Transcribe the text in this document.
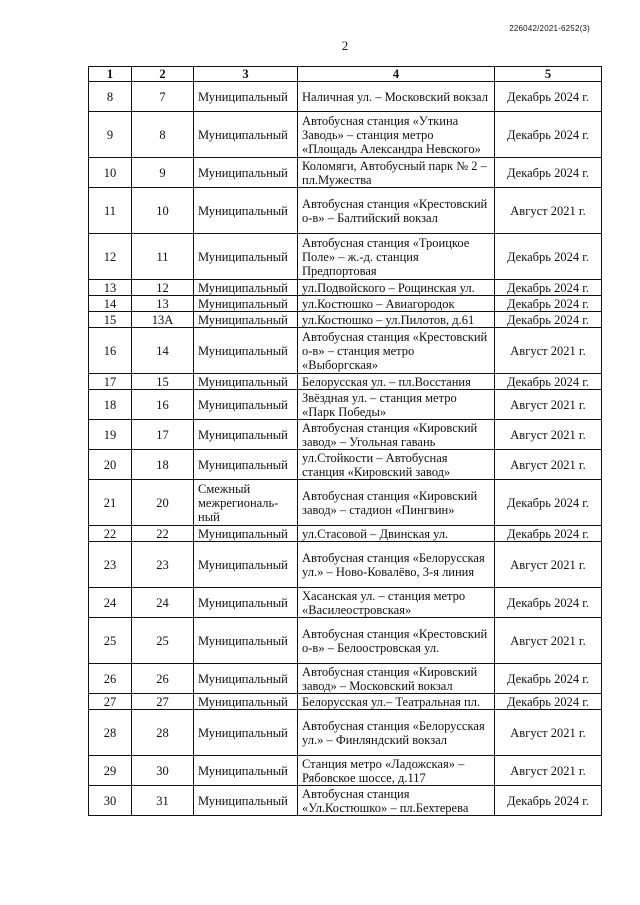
226042/2021-6252(3)
2
1	2	3	4	5
8	7	Муниципальный	Наличная ул. – Московский вокзал	Декабрь 2024 г.
9	8	Муниципальный	Автобусная станция «Уткина Заводь» – станция метро «Площадь Александра Невского»	Декабрь 2024 г.
10	9	Муниципальный	Коломяги, Автобусный парк № 2 – пл.Мужества	Декабрь 2024 г.
11	10	Муниципальный	Автобусная станция «Крестовский о-в» – Балтийский вокзал	Август 2021 г.
12	11	Муниципальный	Автобусная станция «Троицкое Поле» – ж.-д. станция Предпортовая	Декабрь 2024 г.
13	12	Муниципальный	ул.Подвойского – Рощинская ул.	Декабрь 2024 г.
14	13	Муниципальный	ул.Костюшко – Авиагородок	Декабрь 2024 г.
15	13А	Муниципальный	ул.Костюшко – ул.Пилотов, д.61	Декабрь 2024 г.
16	14	Муниципальный	Автобусная станция «Крестовский о-в» – станция метро «Выборгская»	Август 2021 г.
17	15	Муниципальный	Белорусская ул. – пл.Восстания	Декабрь 2024 г.
18	16	Муниципальный	Звёздная ул. – станция метро «Парк Победы»	Август 2021 г.
19	17	Муниципальный	Автобусная станция «Кировский завод» – Угольная гавань	Август 2021 г.
20	18	Муниципальный	ул.Стойкости – Автобусная станция «Кировский завод»	Август 2021 г.
21	20	Смежный межрегиональ-ный	Автобусная станция «Кировский завод» – стадион «Пингвин»	Декабрь 2024 г.
22	22	Муниципальный	ул.Стасовой – Двинская ул.	Декабрь 2024 г.
23	23	Муниципальный	Автобусная станция «Белорусская ул.» – Ново-Ковалёво, 3-я линия	Август 2021 г.
24	24	Муниципальный	Хасанская ул. – станция метро «Василеостровская»	Декабрь 2024 г.
25	25	Муниципальный	Автобусная станция «Крестовский о-в» – Белоостровская ул.	Август 2021 г.
26	26	Муниципальный	Автобусная станция «Кировский завод» – Московский вокзал	Декабрь 2024 г.
27	27	Муниципальный	Белорусская ул.– Театральная пл.	Декабрь 2024 г.
28	28	Муниципальный	Автобусная станция «Белорусская ул.» – Финляндский вокзал	Август 2021 г.
29	30	Муниципальный	Станция метро «Ладожская» – Рябовское шоссе, д.117	Август 2021 г.
30	31	Муниципальный	Автобусная станция «Ул.Костюшко» – пл.Бехтерева	Декабрь 2024 г.
